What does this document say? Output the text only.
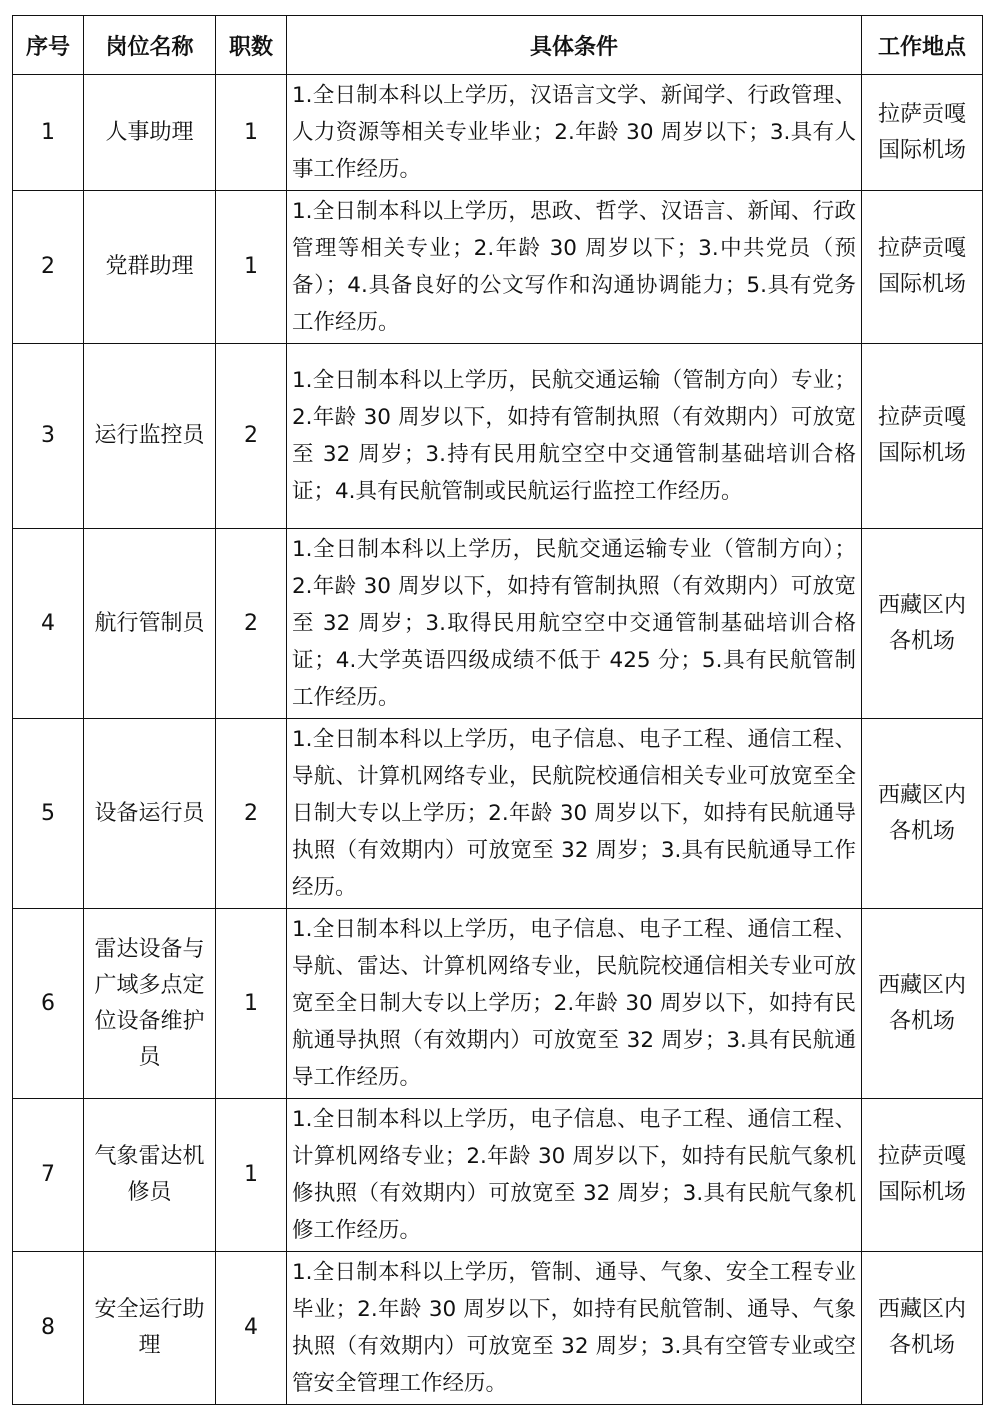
序号	岗位名称	职数	具体条件	工作地点
1	人事助理	1	1.全日制本科以上学历，汉语言文学、新闻学、行政管理、人力资源等相关专业毕业；2.年龄 30 周岁以下；3.具有人事工作经历。	拉萨贡嘎国际机场
2	党群助理	1	1.全日制本科以上学历，思政、哲学、汉语言、新闻、行政管理等相关专业；2.年龄 30 周岁以下；3.中共党员（预备）；4.具备良好的公文写作和沟通协调能力；5.具有党务工作经历。	拉萨贡嘎国际机场
3	运行监控员	2	1.全日制本科以上学历，民航交通运输（管制方向）专业；2.年龄 30 周岁以下，如持有管制执照（有效期内）可放宽至 32 周岁；3.持有民用航空空中交通管制基础培训合格证；4.具有民航管制或民航运行监控工作经历。	拉萨贡嘎国际机场
4	航行管制员	2	1.全日制本科以上学历，民航交通运输专业（管制方向）；2.年龄 30 周岁以下，如持有管制执照（有效期内）可放宽至 32 周岁；3.取得民用航空空中交通管制基础培训合格证；4.大学英语四级成绩不低于 425 分；5.具有民航管制工作经历。	西藏区内各机场
5	设备运行员	2	1.全日制本科以上学历，电子信息、电子工程、通信工程、导航、计算机网络专业，民航院校通信相关专业可放宽至全日制大专以上学历；2.年龄 30 周岁以下，如持有民航通导执照（有效期内）可放宽至 32 周岁；3.具有民航通导工作经历。	西藏区内各机场
6	雷达设备与广域多点定位设备维护员	1	1.全日制本科以上学历，电子信息、电子工程、通信工程、导航、雷达、计算机网络专业，民航院校通信相关专业可放宽至全日制大专以上学历；2.年龄 30 周岁以下，如持有民航通导执照（有效期内）可放宽至 32 周岁；3.具有民航通导工作经历。	西藏区内各机场
7	气象雷达机修员	1	1.全日制本科以上学历，电子信息、电子工程、通信工程、计算机网络专业；2.年龄 30 周岁以下，如持有民航气象机修执照（有效期内）可放宽至 32 周岁；3.具有民航气象机修工作经历。	拉萨贡嘎国际机场
8	安全运行助理	4	1.全日制本科以上学历，管制、通导、气象、安全工程专业毕业；2.年龄 30 周岁以下，如持有民航管制、通导、气象执照（有效期内）可放宽至 32 周岁；3.具有空管专业或空管安全管理工作经历。	西藏区内各机场
